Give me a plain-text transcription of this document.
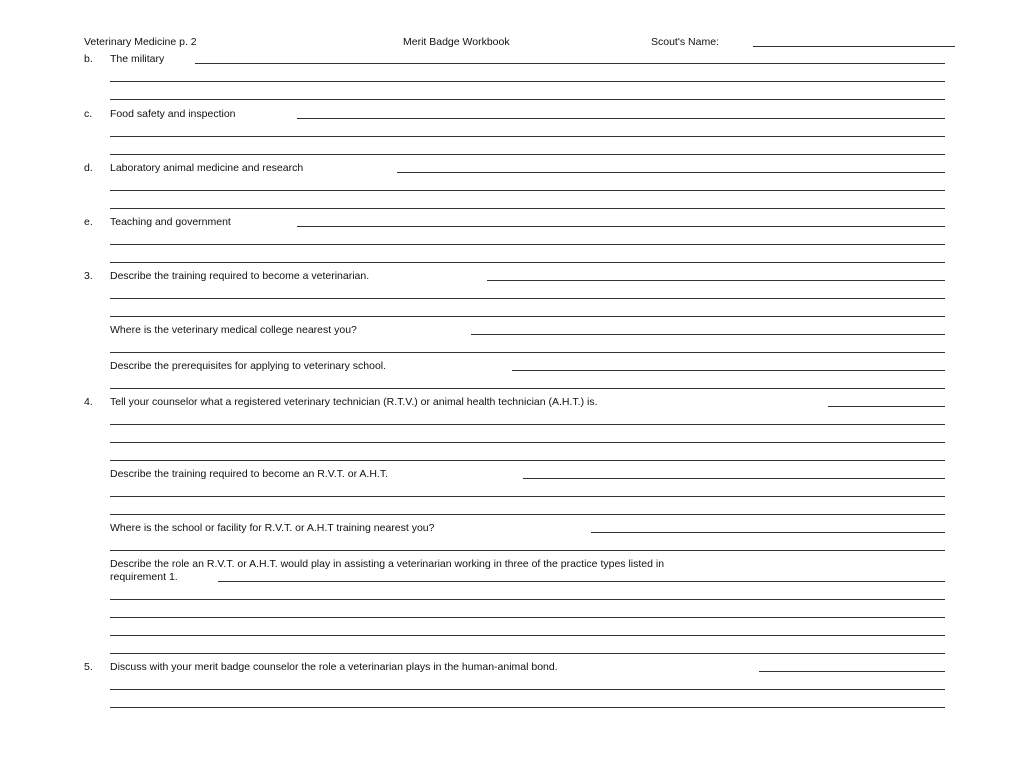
Veterinary Medicine p. 2	Merit Badge Workbook	Scout's Name:
b. The military
c. Food safety and inspection
d. Laboratory animal medicine and research
e. Teaching and government
3. Describe the training required to become a veterinarian.
Where is the veterinary medical college nearest you?
Describe the prerequisites for applying to veterinary school.
4. Tell your counselor what a registered veterinary technician (R.T.V.) or animal health technician (A.H.T.) is.
Describe the training required to become an R.V.T. or A.H.T.
Where is the school or facility for R.V.T. or A.H.T training nearest you?
Describe the role an R.V.T. or A.H.T. would play in assisting a veterinarian working in three of the practice types listed in
requirement 1.
5. Discuss with your merit badge counselor the role a veterinarian plays in the human-animal bond.
